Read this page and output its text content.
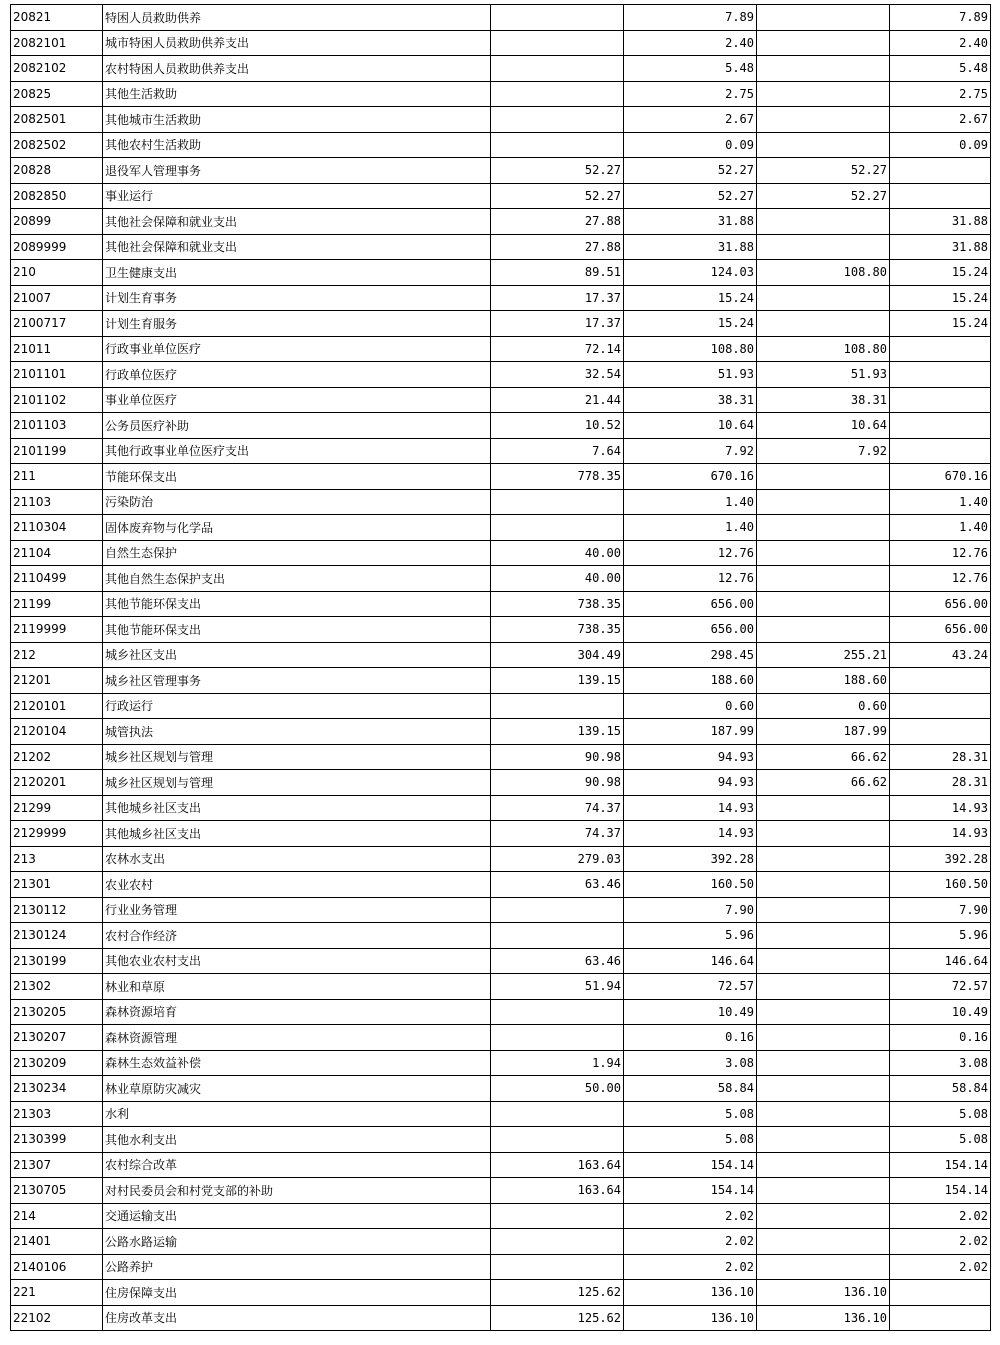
20821	特困人员救助供养		7.89		7.89
2082101	城市特困人员救助供养支出		2.40		2.40
2082102	农村特困人员救助供养支出		5.48		5.48
20825	其他生活救助		2.75		2.75
2082501	其他城市生活救助		2.67		2.67
2082502	其他农村生活救助		0.09		0.09
20828	退役军人管理事务	52.27	52.27	52.27	
2082850	事业运行	52.27	52.27	52.27	
20899	其他社会保障和就业支出	27.88	31.88		31.88
2089999	其他社会保障和就业支出	27.88	31.88		31.88
210	卫生健康支出	89.51	124.03	108.80	15.24
21007	计划生育事务	17.37	15.24		15.24
2100717	计划生育服务	17.37	15.24		15.24
21011	行政事业单位医疗	72.14	108.80	108.80	
2101101	行政单位医疗	32.54	51.93	51.93	
2101102	事业单位医疗	21.44	38.31	38.31	
2101103	公务员医疗补助	10.52	10.64	10.64	
2101199	其他行政事业单位医疗支出	7.64	7.92	7.92	
211	节能环保支出	778.35	670.16		670.16
21103	污染防治		1.40		1.40
2110304	固体废弃物与化学品		1.40		1.40
21104	自然生态保护	40.00	12.76		12.76
2110499	其他自然生态保护支出	40.00	12.76		12.76
21199	其他节能环保支出	738.35	656.00		656.00
2119999	其他节能环保支出	738.35	656.00		656.00
212	城乡社区支出	304.49	298.45	255.21	43.24
21201	城乡社区管理事务	139.15	188.60	188.60	
2120101	行政运行		0.60	0.60	
2120104	城管执法	139.15	187.99	187.99	
21202	城乡社区规划与管理	90.98	94.93	66.62	28.31
2120201	城乡社区规划与管理	90.98	94.93	66.62	28.31
21299	其他城乡社区支出	74.37	14.93		14.93
2129999	其他城乡社区支出	74.37	14.93		14.93
213	农林水支出	279.03	392.28		392.28
21301	农业农村	63.46	160.50		160.50
2130112	行业业务管理		7.90		7.90
2130124	农村合作经济		5.96		5.96
2130199	其他农业农村支出	63.46	146.64		146.64
21302	林业和草原	51.94	72.57		72.57
2130205	森林资源培育		10.49		10.49
2130207	森林资源管理		0.16		0.16
2130209	森林生态效益补偿	1.94	3.08		3.08
2130234	林业草原防灾减灾	50.00	58.84		58.84
21303	水利		5.08		5.08
2130399	其他水利支出		5.08		5.08
21307	农村综合改革	163.64	154.14		154.14
2130705	对村民委员会和村党支部的补助	163.64	154.14		154.14
214	交通运输支出		2.02		2.02
21401	公路水路运输		2.02		2.02
2140106	公路养护		2.02		2.02
221	住房保障支出	125.62	136.10	136.10	
22102	住房改革支出	125.62	136.10	136.10	
